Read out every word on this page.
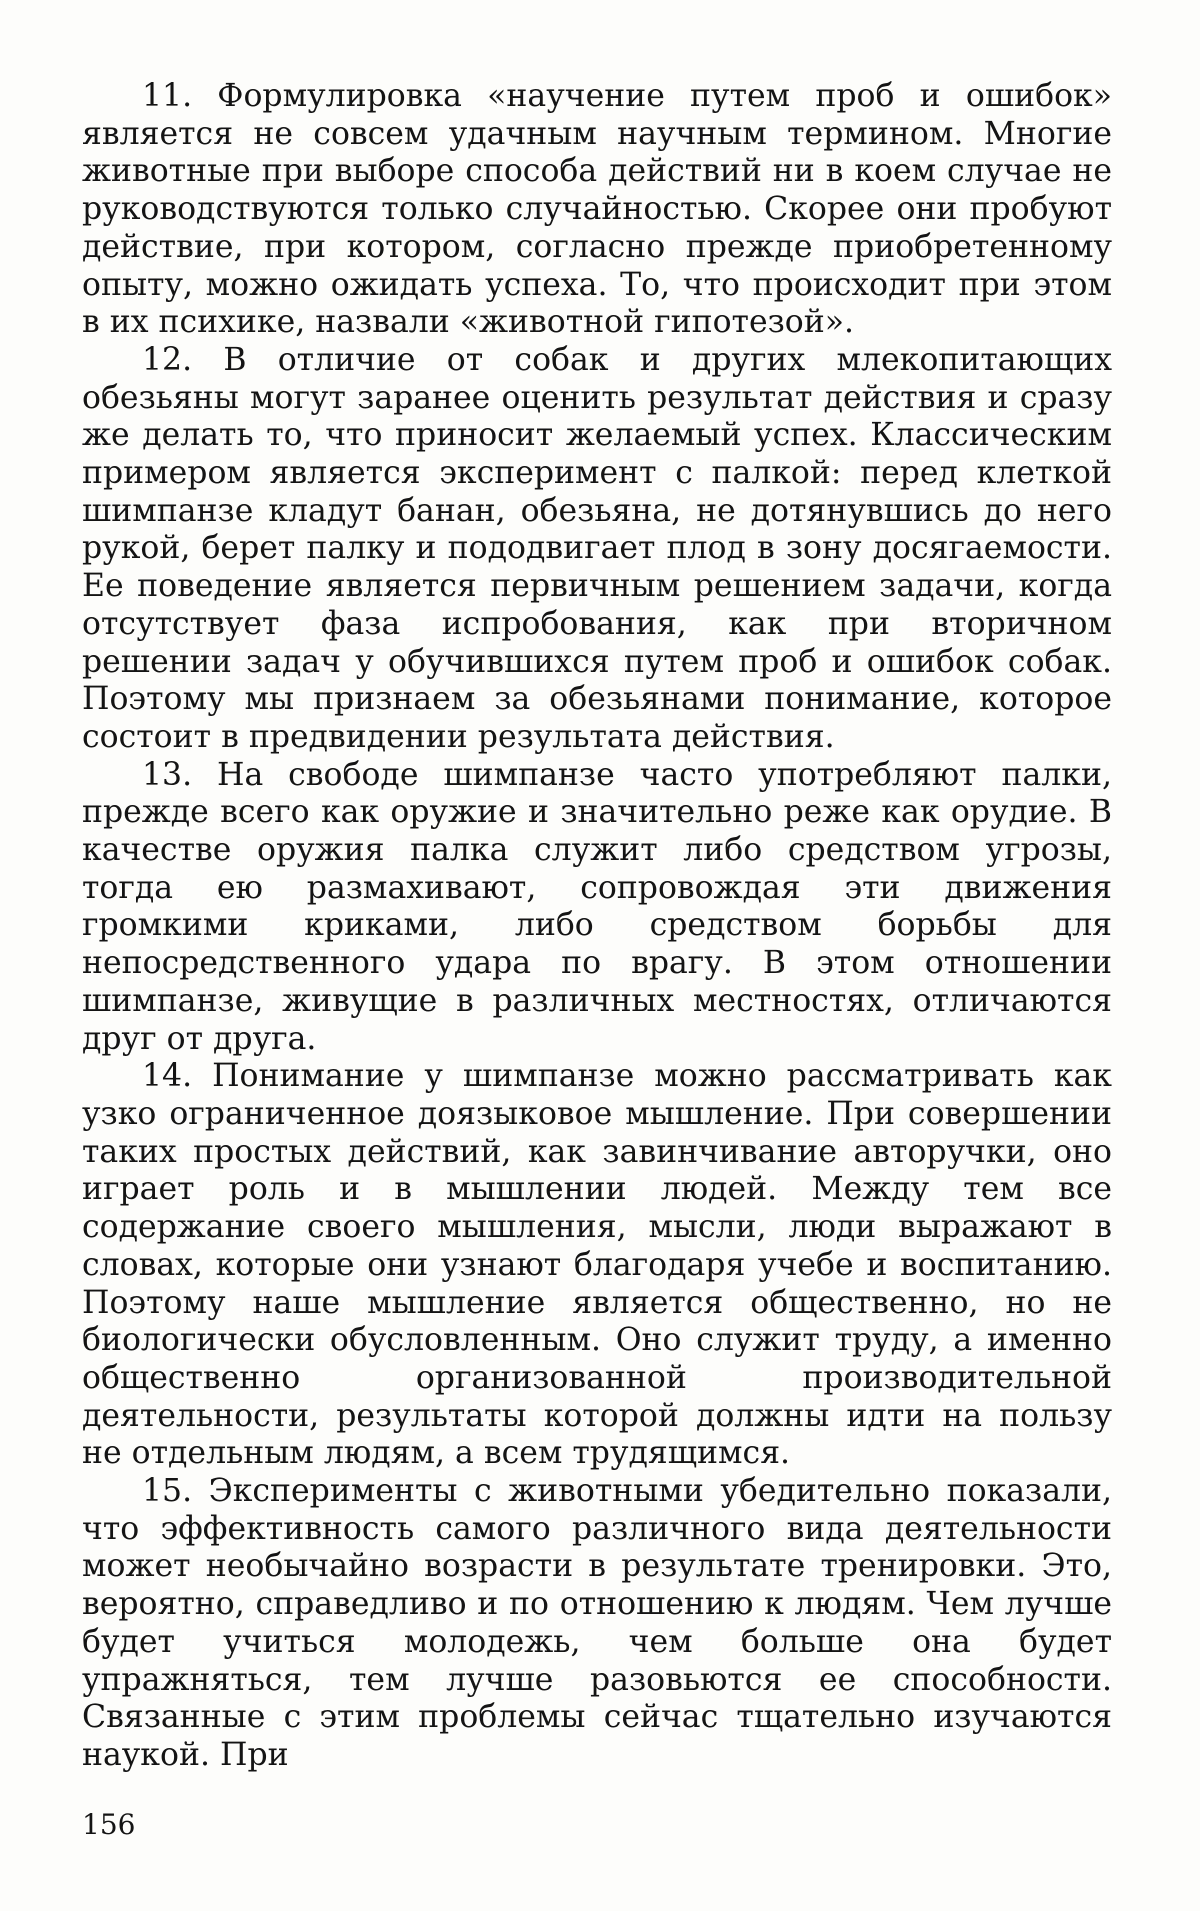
11. Формулировка «научение путем проб и ошибок» является не совсем удачным научным термином. Многие животные при выборе способа действий ни в коем случае не руководствуются только случайностью. Скорее они пробуют действие, при котором, согласно прежде приобретенному опыту, можно ожидать успеха. То, что происходит при этом в их психике, назвали «животной гипотезой».

12. В отличие от собак и других млекопитающих обезьяны могут заранее оценить результат действия и сразу же делать то, что приносит желаемый успех. Классическим примером является эксперимент с палкой: перед клеткой шимпанзе кладут банан, обезьяна, не дотянувшись до него рукой, берет палку и пододвигает плод в зону досягаемости. Ее поведение является первичным решением задачи, когда отсутствует фаза испробования, как при вторичном решении задач у обучившихся путем проб и ошибок собак. Поэтому мы признаем за обезьянами понимание, которое состоит в предвидении результата действия.

13. На свободе шимпанзе часто употребляют палки, прежде всего как оружие и значительно реже как орудие. В качестве оружия палка служит либо средством угрозы, тогда ею размахивают, сопровождая эти движения громкими криками, либо средством борьбы для непосредственного удара по врагу. В этом отношении шимпанзе, живущие в различных местностях, отличаются друг от друга.

14. Понимание у шимпанзе можно рассматривать как узко ограниченное доязыковое мышление. При совершении таких простых действий, как завинчивание авторучки, оно играет роль и в мышлении людей. Между тем все содержание своего мышления, мысли, люди выражают в словах, которые они узнают благодаря учебе и воспитанию. Поэтому наше мышление является общественно, но не биологически обусловленным. Оно служит труду, а именно общественно организованной производительной деятельности, результаты которой должны идти на пользу не отдельным людям, а всем трудящимся.

15. Эксперименты с животными убедительно показали, что эффективность самого различного вида деятельности может необычайно возрасти в результате тренировки. Это, вероятно, справедливо и по отношению к людям. Чем лучше будет учиться молодежь, чем больше она будет упражняться, тем лучше разовьются ее способности. Связанные с этим проблемы сейчас тщательно изучаются наукой. При

156
